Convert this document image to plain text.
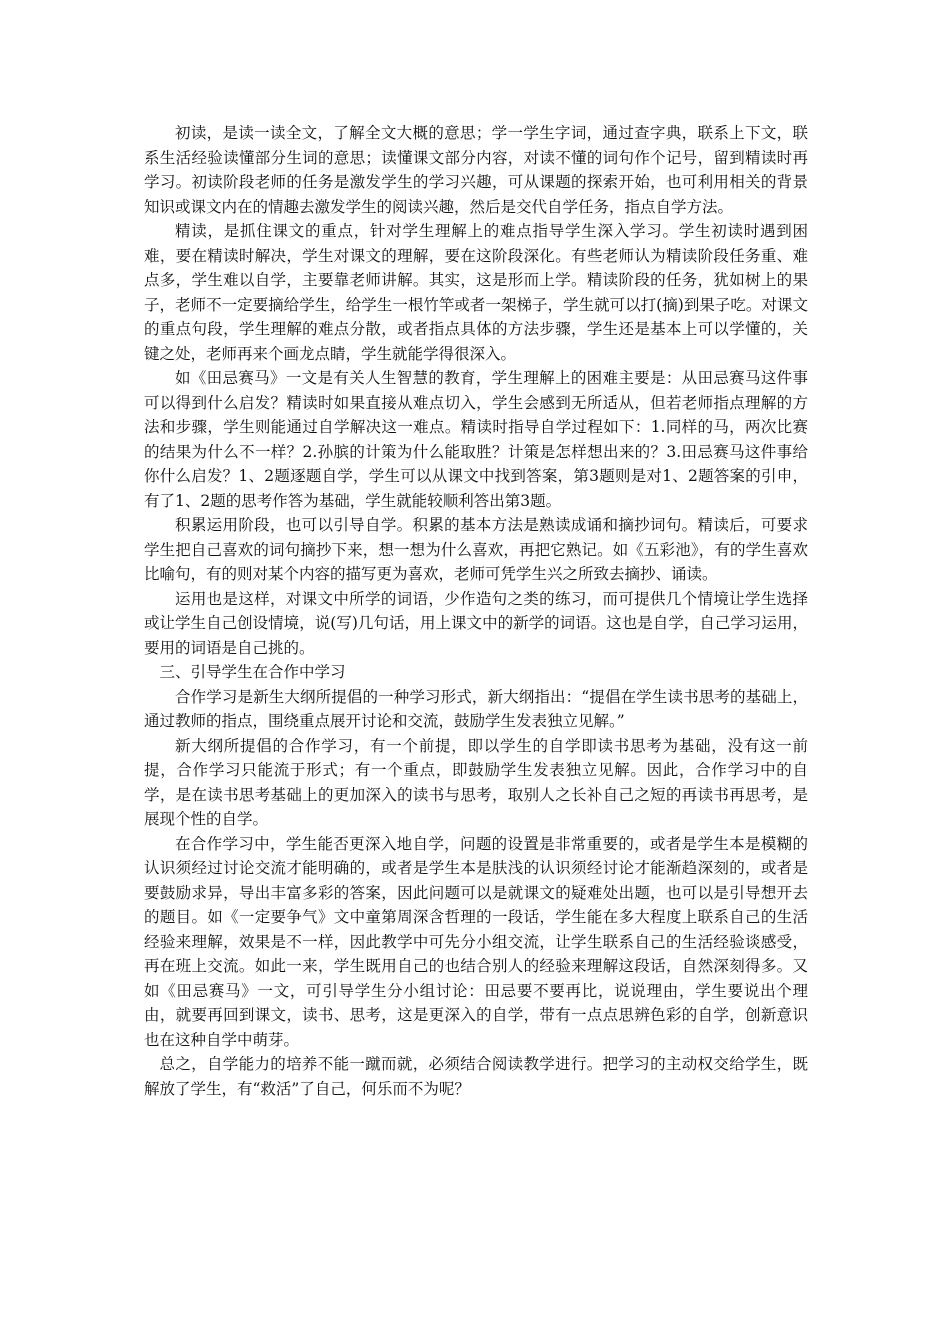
初读，是读一读全文，了解全文大概的意思；学一学生字词，通过查字典，联系上下文，联系生活经验读懂部分生词的意思；读懂课文部分内容，对读不懂的词句作个记号，留到精读时再学习。初读阶段老师的任务是激发学生的学习兴趣，可从课题的探索开始，也可利用相关的背景知识或课文内在的情趣去激发学生的阅读兴趣，然后是交代自学任务，指点自学方法。

精读，是抓住课文的重点，针对学生理解上的难点指导学生深入学习。学生初读时遇到困难，要在精读时解决，学生对课文的理解，要在这阶段深化。有些老师认为精读阶段任务重、难点多，学生难以自学，主要靠老师讲解。其实，这是形而上学。精读阶段的任务，犹如树上的果子，老师不一定要摘给学生，给学生一根竹竿或者一架梯子，学生就可以打(摘)到果子吃。对课文的重点句段，学生理解的难点分散，或者指点具体的方法步骤，学生还是基本上可以学懂的，关键之处，老师再来个画龙点睛，学生就能学得很深入。

如《田忌赛马》一文是有关人生智慧的教育，学生理解上的困难主要是：从田忌赛马这件事可以得到什么启发？精读时如果直接从难点切入，学生会感到无所适从，但若老师指点理解的方法和步骤，学生则能通过自学解决这一难点。精读时指导自学过程如下：1.同样的马，两次比赛的结果为什么不一样？2.孙膑的计策为什么能取胜？计策是怎样想出来的？3.田忌赛马这件事给你什么启发？1、2题逐题自学，学生可以从课文中找到答案，第3题则是对1、2题答案的引申，有了1、2题的思考作答为基础，学生就能较顺利答出第3题。

积累运用阶段，也可以引导自学。积累的基本方法是熟读成诵和摘抄词句。精读后，可要求学生把自己喜欢的词句摘抄下来，想一想为什么喜欢，再把它熟记。如《五彩池》，有的学生喜欢比喻句，有的则对某个内容的描写更为喜欢，老师可凭学生兴之所致去摘抄、诵读。

运用也是这样，对课文中所学的词语，少作造句之类的练习，而可提供几个情境让学生选择或让学生自己创设情境，说(写)几句话，用上课文中的新学的词语。这也是自学，自己学习运用，要用的词语是自己挑的。

三、引导学生在合作中学习

合作学习是新生大纲所提倡的一种学习形式，新大纲指出：“提倡在学生读书思考的基础上，通过教师的指点，围绕重点展开讨论和交流，鼓励学生发表独立见解。”

新大纲所提倡的合作学习，有一个前提，即以学生的自学即读书思考为基础，没有这一前提，合作学习只能流于形式；有一个重点，即鼓励学生发表独立见解。因此，合作学习中的自学，是在读书思考基础上的更加深入的读书与思考，取别人之长补自己之短的再读书再思考，是展现个性的自学。

在合作学习中，学生能否更深入地自学，问题的设置是非常重要的，或者是学生本是模糊的认识须经过讨论交流才能明确的，或者是学生本是肤浅的认识须经讨论才能渐趋深刻的，或者是要鼓励求异，导出丰富多彩的答案，因此问题可以是就课文的疑难处出题，也可以是引导想开去的题目。如《一定要争气》文中童第周深含哲理的一段话，学生能在多大程度上联系自己的生活经验来理解，效果是不一样，因此教学中可先分小组交流，让学生联系自己的生活经验谈感受，再在班上交流。如此一来，学生既用自己的也结合别人的经验来理解这段话，自然深刻得多。又如《田忌赛马》一文，可引导学生分小组讨论：田忌要不要再比，说说理由，学生要说出个理由，就要再回到课文，读书、思考，这是更深入的自学，带有一点点思辨色彩的自学，创新意识也在这种自学中萌芽。

总之，自学能力的培养不能一蹴而就，必须结合阅读教学进行。把学习的主动权交给学生，既解放了学生，有“救活”了自己，何乐而不为呢？
